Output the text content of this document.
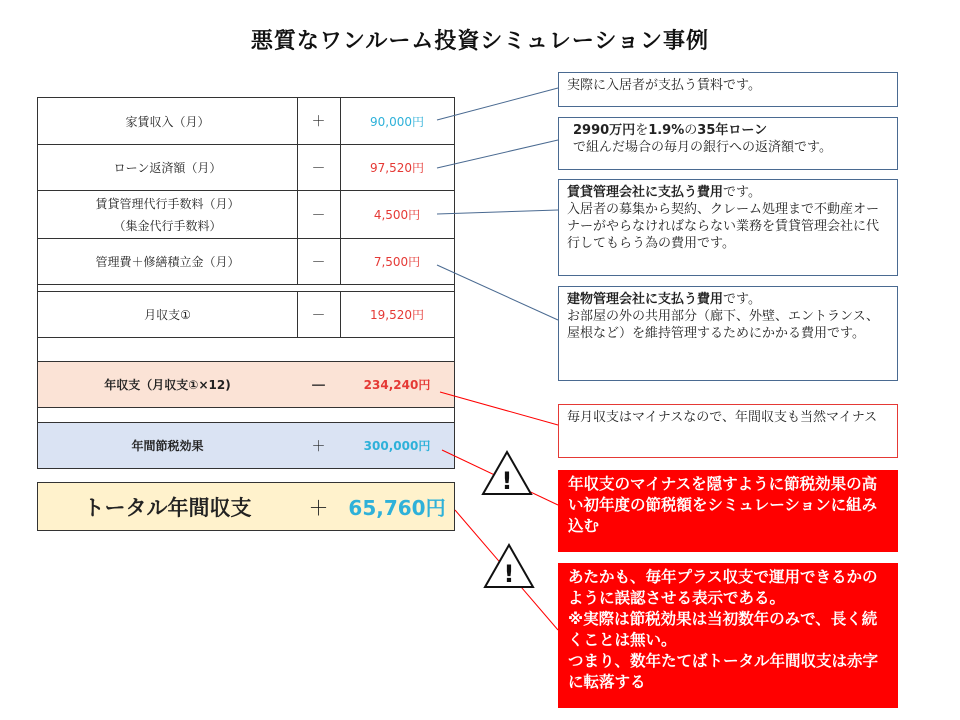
悪質なワンルーム投資シミュレーション事例
家賃収入（月）	＋	90,000円
ローン返済額（月）	－	97,520円
賃貸管理代行手数料（月）
（集金代行手数料）
－	4,500円
管理費＋修繕積立金（月）	－	7,500円
月収支①	－	19,520円
年収支（月収支①×12)	－	234,240円
年間節税効果	＋	300,000円
トータル年間収支	＋ 65,760円
!
!
実際に入居者が支払う賃料です。
2990万円を1.9%の35年ローン
で組んだ場合の毎月の銀行への返済額です。
賃貸管理会社に支払う費用です。
入居者の募集から契約、クレーム処理まで不動産オーナーがやらなければならない業務を賃貸管理会社に代行してもらう為の費用です。
建物管理会社に支払う費用です。
お部屋の外の共用部分（廊下、外壁、エントランス、屋根など）を維持管理するためにかかる費用です。
毎月収支はマイナスなので、年間収支も当然マイナス
年収支のマイナスを隠すように節税効果の高い初年度の節税額をシミュレーションに組み込む
あたかも、毎年プラス収支で運用できるかのように誤認させる表示である。
※実際は節税効果は当初数年のみで、長く続くことは無い。
つまり、数年たてばトータル年間収支は赤字に転落する
